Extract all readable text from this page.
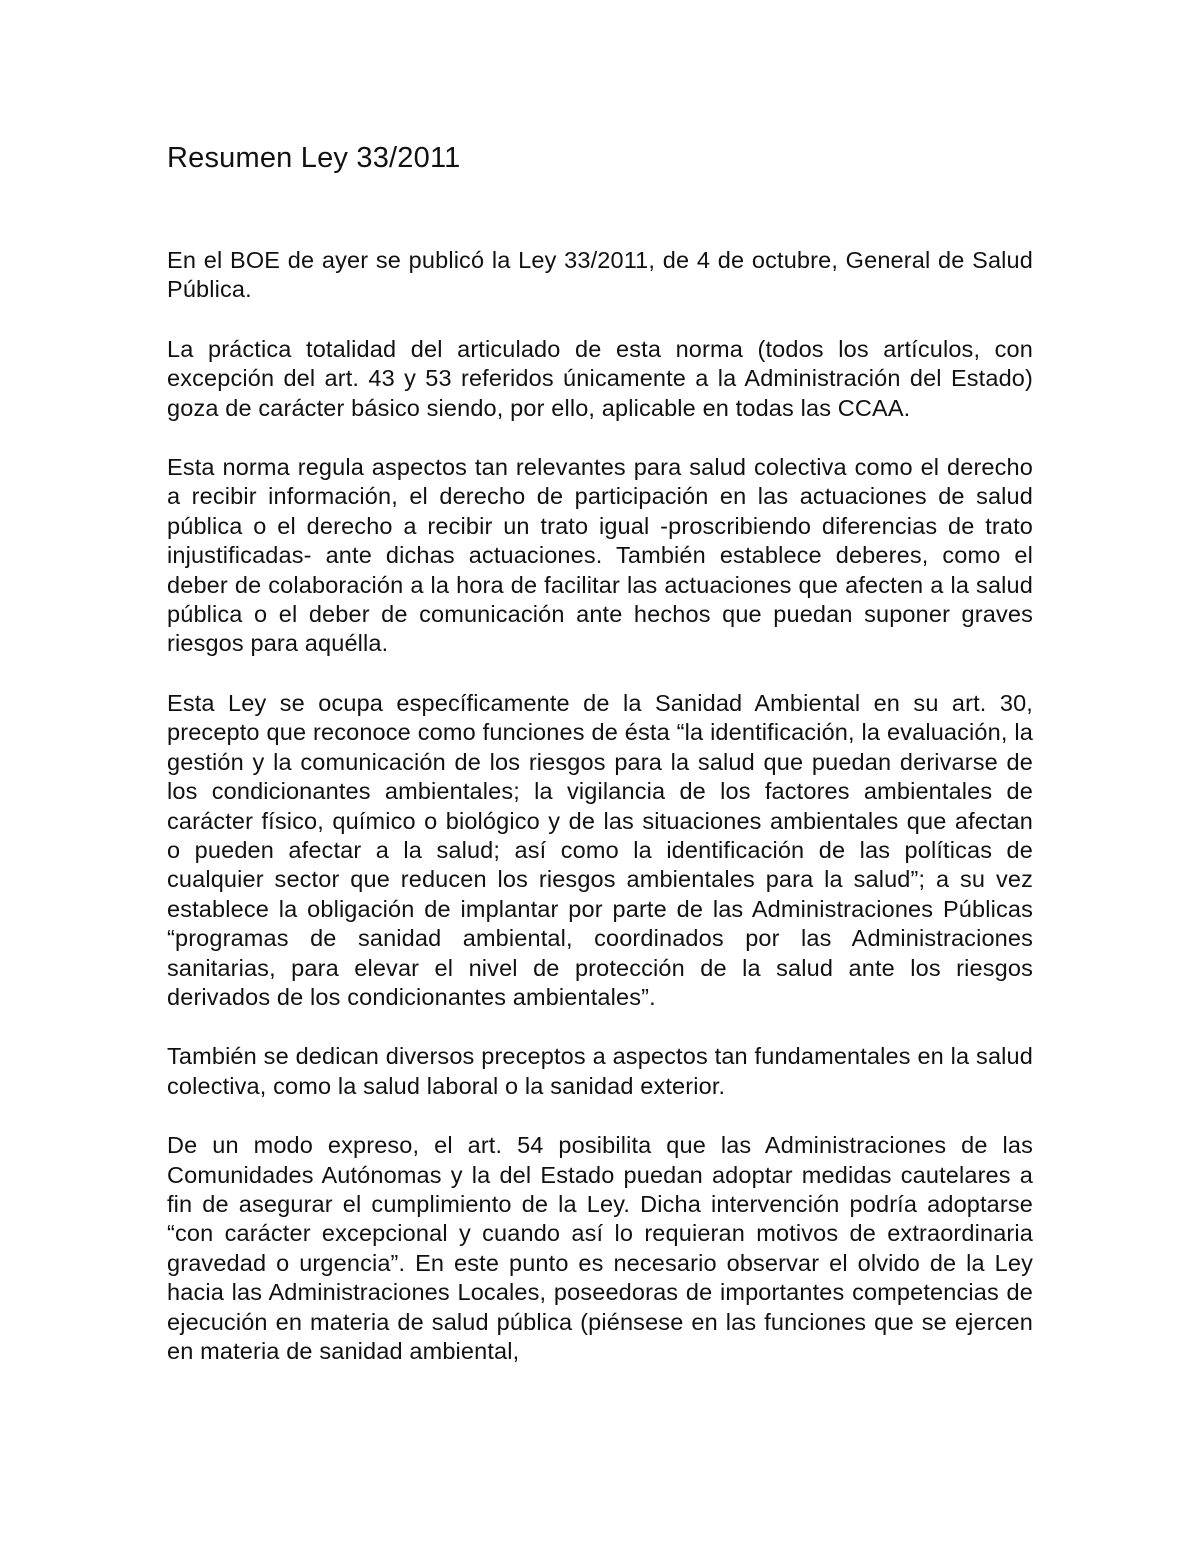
Resumen Ley 33/2011

En el BOE de ayer se publicó la Ley 33/2011, de 4 de octubre, General de Salud Pública.

La práctica totalidad del articulado de esta norma (todos los artículos, con excepción del art. 43 y 53 referidos únicamente a la Administración del Estado) goza de carácter básico siendo, por ello, aplicable en todas las CCAA.

Esta norma regula aspectos tan relevantes para salud colectiva como el derecho a recibir información, el derecho de participación en las actuaciones de salud pública o el derecho a recibir un trato igual -proscribiendo diferencias de trato injustificadas- ante dichas actuaciones. También establece deberes, como el deber de colaboración a la hora de facilitar las actuaciones que afecten a la salud pública o el deber de comunicación ante hechos que puedan suponer graves riesgos para aquélla.

Esta Ley se ocupa específicamente de la Sanidad Ambiental en su art. 30, precepto que reconoce como funciones de ésta “la identificación, la evaluación, la gestión y la comunicación de los riesgos para la salud que puedan derivarse de los condicionantes ambientales; la vigilancia de los factores ambientales de carácter físico, químico o biológico y de las situaciones ambientales que afectan o pueden afectar a la salud; así como la identificación de las políticas de cualquier sector que reducen los riesgos ambientales para la salud”; a su vez establece la obligación de implantar por parte de las Administraciones Públicas “programas de sanidad ambiental, coordinados por las Administraciones sanitarias, para elevar el nivel de protección de la salud ante los riesgos derivados de los condicionantes ambientales”.

También se dedican diversos preceptos a aspectos tan fundamentales en la salud colectiva, como la salud laboral o la sanidad exterior.

De un modo expreso, el art. 54 posibilita que las Administraciones de las Comunidades Autónomas y la del Estado puedan adoptar medidas cautelares a fin de asegurar el cumplimiento de la Ley. Dicha intervención podría adoptarse “con carácter excepcional y cuando así lo requieran motivos de extraordinaria gravedad o urgencia”. En este punto es necesario observar el olvido de la Ley hacia las Administraciones Locales, poseedoras de importantes competencias de ejecución en materia de salud pública (piénsese en las funciones que se ejercen en materia de sanidad ambiental,
